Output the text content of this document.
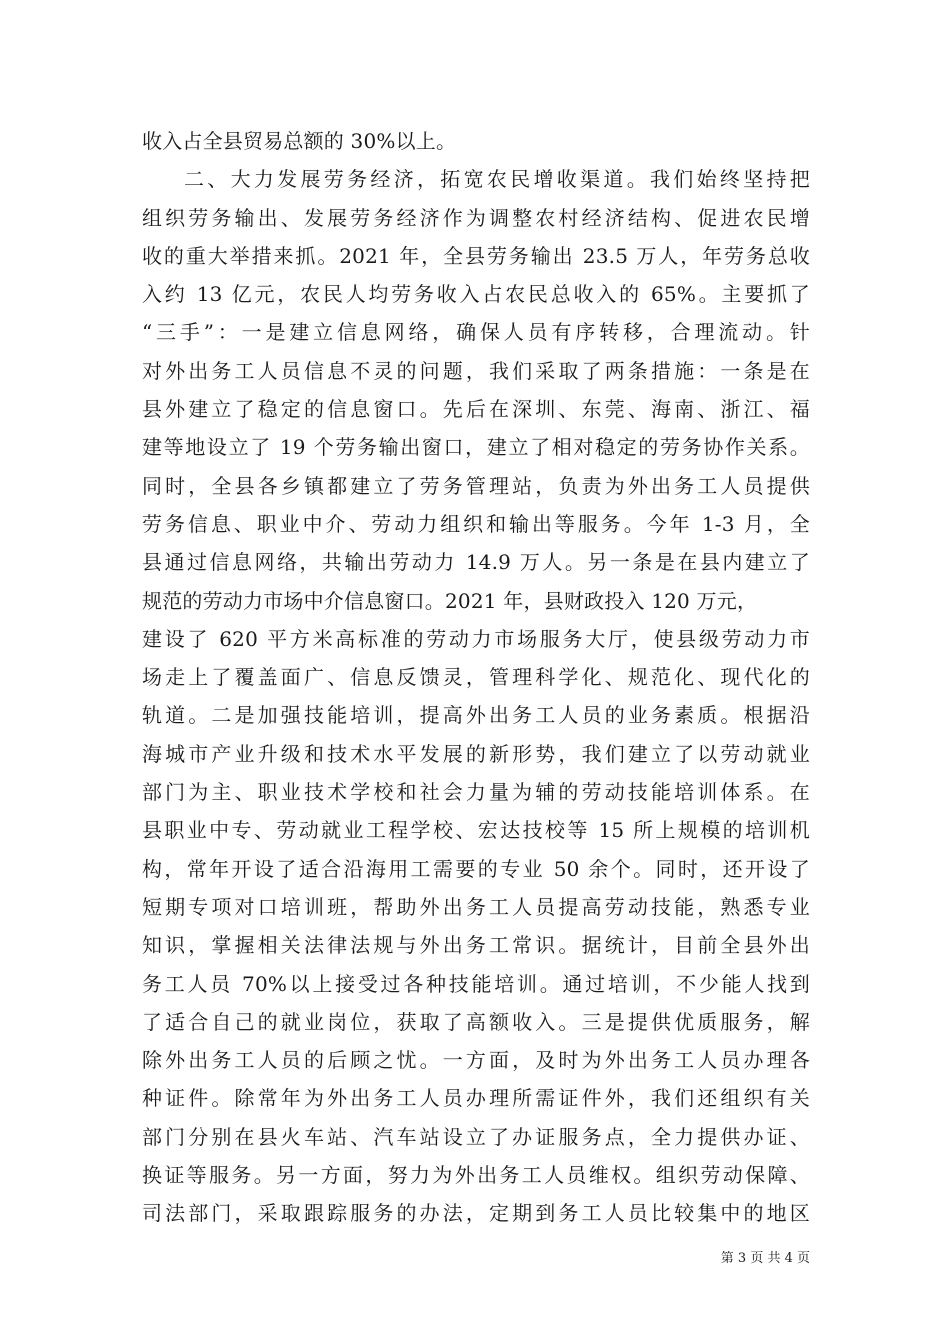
收入占全县贸易总额的 30%以上。
二、大力发展劳务经济，拓宽农民增收渠道。我们始终坚持把
组织劳务输出、发展劳务经济作为调整农村经济结构、促进农民增
收的重大举措来抓。2021 年，全县劳务输出 23.5 万人，年劳务总收
入约 13 亿元，农民人均劳务收入占农民总收入的 65%。主要抓了
“三手”：一是建立信息网络，确保人员有序转移，合理流动。针
对外出务工人员信息不灵的问题，我们采取了两条措施：一条是在
县外建立了稳定的信息窗口。先后在深圳、东莞、海南、浙江、福
建等地设立了 19 个劳务输出窗口，建立了相对稳定的劳务协作关系。
同时，全县各乡镇都建立了劳务管理站，负责为外出务工人员提供
劳务信息、职业中介、劳动力组织和输出等服务。今年 1-3 月，全
县通过信息网络，共输出劳动力 14.9 万人。另一条是在县内建立了
规范的劳动力市场中介信息窗口。2021 年，县财政投入 120 万元，
建设了 620 平方米高标准的劳动力市场服务大厅，使县级劳动力市
场走上了覆盖面广、信息反馈灵，管理科学化、规范化、现代化的
轨道。二是加强技能培训，提高外出务工人员的业务素质。根据沿
海城市产业升级和技术水平发展的新形势，我们建立了以劳动就业
部门为主、职业技术学校和社会力量为辅的劳动技能培训体系。在
县职业中专、劳动就业工程学校、宏达技校等 15 所上规模的培训机
构，常年开设了适合沿海用工需要的专业 50 余个。同时，还开设了
短期专项对口培训班，帮助外出务工人员提高劳动技能，熟悉专业
知识，掌握相关法律法规与外出务工常识。据统计，目前全县外出
务工人员 70%以上接受过各种技能培训。通过培训，不少能人找到
了适合自己的就业岗位，获取了高额收入。三是提供优质服务，解
除外出务工人员的后顾之忧。一方面，及时为外出务工人员办理各
种证件。除常年为外出务工人员办理所需证件外，我们还组织有关
部门分别在县火车站、汽车站设立了办证服务点，全力提供办证、
换证等服务。另一方面，努力为外出务工人员维权。组织劳动保障、
司法部门，采取跟踪服务的办法，定期到务工人员比较集中的地区
第 3 页 共 4 页
